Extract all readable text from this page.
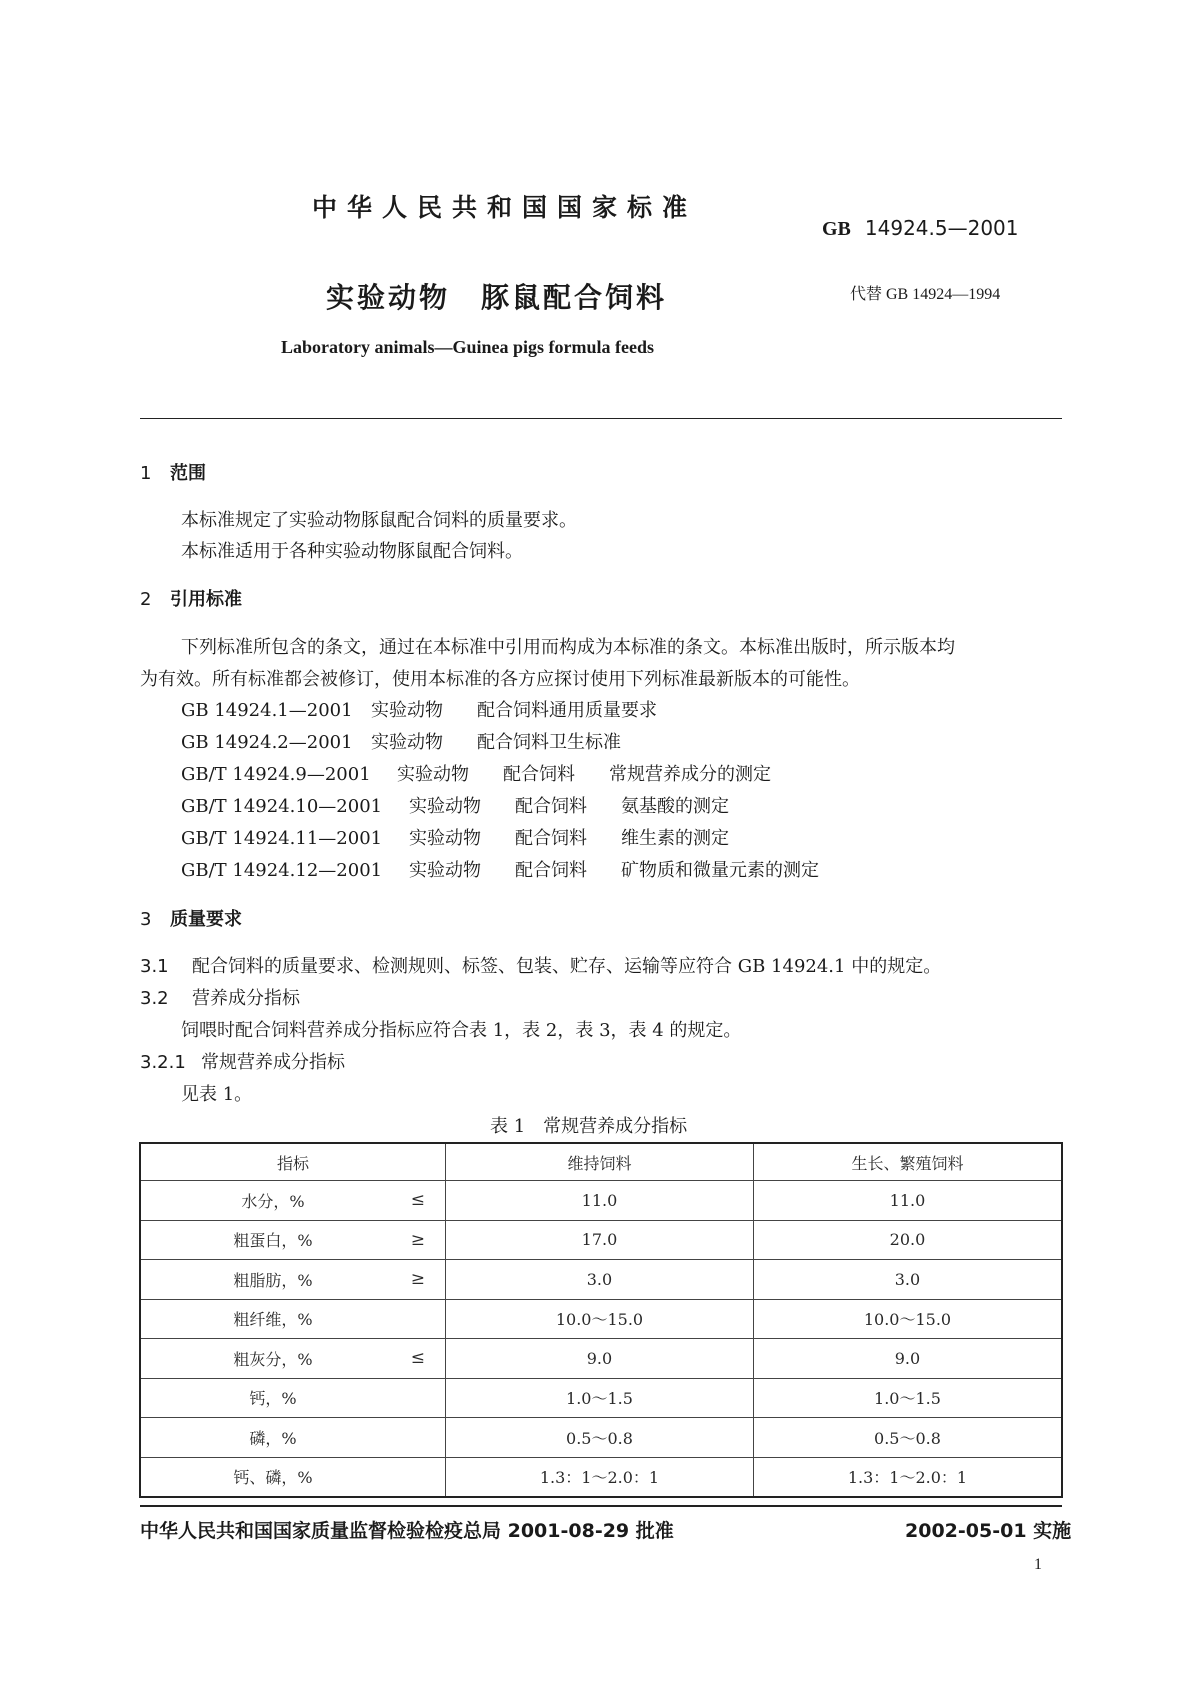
中华人民共和国国家标准
GB 14924.5—2001
实验动物　豚鼠配合饲料	代替 GB 14924—1994
Laboratory animals—Guinea pigs formula feeds
1 范围
本标准规定了实验动物豚鼠配合饲料的质量要求。
本标准适用于各种实验动物豚鼠配合饲料。
2 引用标准
下列标准所包含的条文，通过在本标准中引用而构成为本标准的条文。本标准出版时，所示版本均
为有效。所有标准都会被修订，使用本标准的各方应探讨使用下列标准最新版本的可能性。
GB 14924.1—2001 实验动物 配合饲料通用质量要求
GB 14924.2—2001 实验动物 配合饲料卫生标准
GB/T 14924.9—2001 实验动物 配合饲料 常规营养成分的测定
GB/T 14924.10—2001 实验动物 配合饲料 氨基酸的测定
GB/T 14924.11—2001 实验动物 配合饲料 维生素的测定
GB/T 14924.12—2001 实验动物 配合饲料 矿物质和微量元素的测定
3 质量要求
3.1 配合饲料的质量要求、检测规则、标签、包装、贮存、运输等应符合 GB 14924.1 中的规定。
3.2 营养成分指标
饲喂时配合饲料营养成分指标应符合表 1，表 2，表 3，表 4 的规定。
3.2.1 常规营养成分指标
见表 1。
表 1　常规营养成分指标
指标	维持饲料	生长、繁殖饲料
水分，% ≤	11.0	11.0
粗蛋白，% ≥	17.0	20.0
粗脂肪，% ≥	3.0	3.0
粗纤维，%	10.0～15.0	10.0～15.0
粗灰分，% ≤	9.0	9.0
钙，%	1.0～1.5	1.0～1.5
磷，%	0.5～0.8	0.5～0.8
钙、磷，%	1.3：1～2.0：1	1.3：1～2.0：1
中华人民共和国国家质量监督检验检疫总局 2001-08-29 批准	2002-05-01 实施
1
